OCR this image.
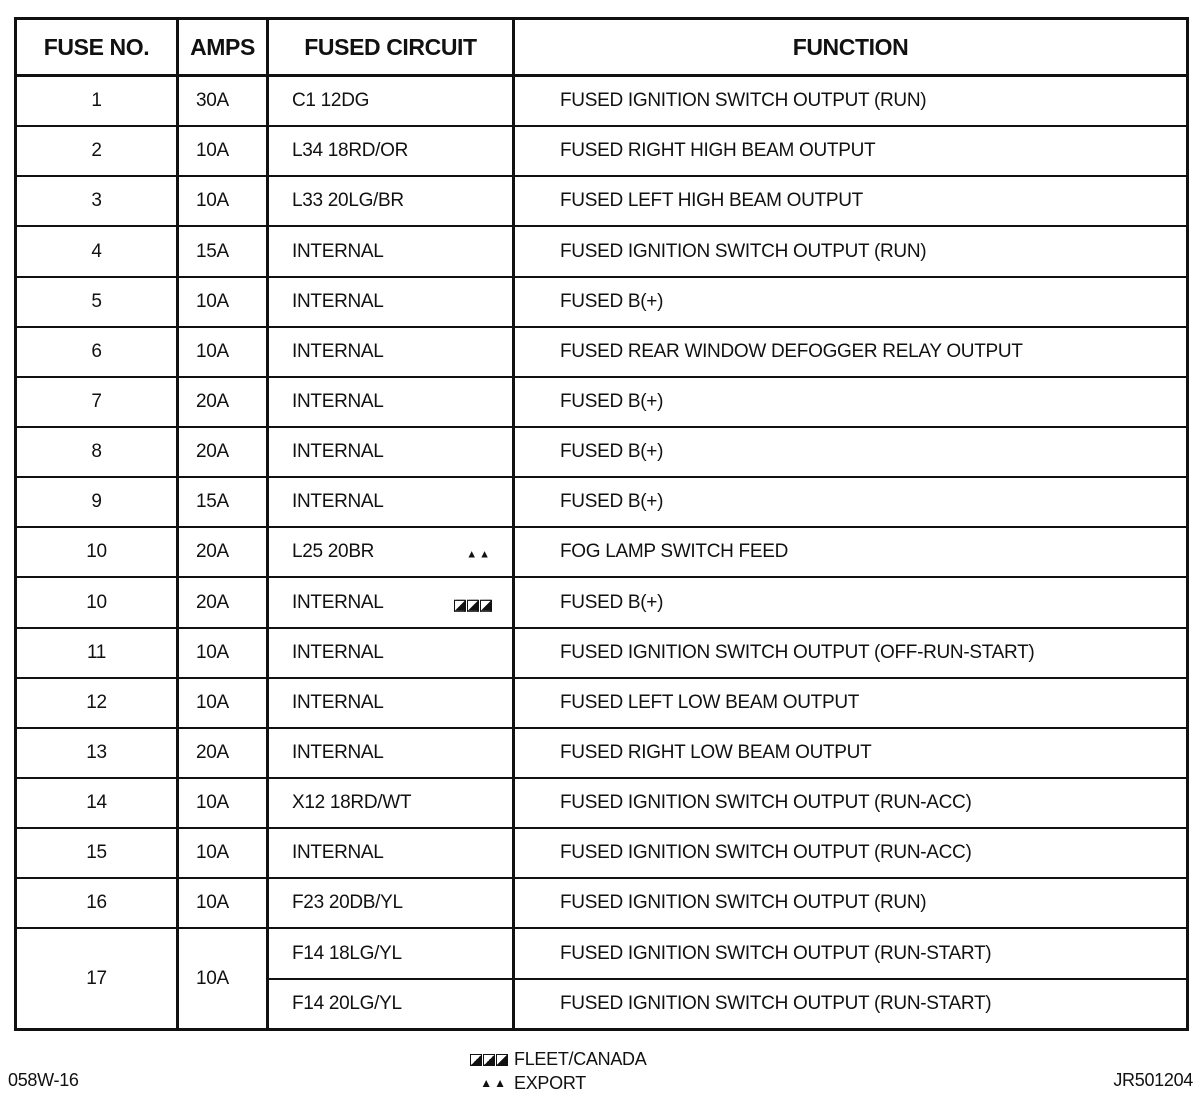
FUSE NO.	AMPS	FUSED CIRCUIT	FUNCTION
1	30A	C1 12DG	FUSED IGNITION SWITCH OUTPUT (RUN)
2	10A	L34 18RD/OR	FUSED RIGHT HIGH BEAM OUTPUT
3	10A	L33 20LG/BR	FUSED LEFT HIGH BEAM OUTPUT
4	15A	INTERNAL	FUSED IGNITION SWITCH OUTPUT (RUN)
5	10A	INTERNAL	FUSED B(+)
6	10A	INTERNAL	FUSED REAR WINDOW DEFOGGER RELAY OUTPUT
7	20A	INTERNAL	FUSED B(+)
8	20A	INTERNAL	FUSED B(+)
9	15A	INTERNAL	FUSED B(+)
10	20A	L25 20BR ▲▲	FOG LAMP SWITCH FEED
10	20A	INTERNAL	FUSED B(+)
11	10A	INTERNAL	FUSED IGNITION SWITCH OUTPUT (OFF-RUN-START)
12	10A	INTERNAL	FUSED LEFT LOW BEAM OUTPUT
13	20A	INTERNAL	FUSED RIGHT LOW BEAM OUTPUT
14	10A	X12 18RD/WT	FUSED IGNITION SWITCH OUTPUT (RUN-ACC)
15	10A	INTERNAL	FUSED IGNITION SWITCH OUTPUT (RUN-ACC)
16	10A	F23 20DB/YL	FUSED IGNITION SWITCH OUTPUT (RUN)
17	10A	F14 18LG/YL	FUSED IGNITION SWITCH OUTPUT (RUN-START)
		F14 20LG/YL	FUSED IGNITION SWITCH OUTPUT (RUN-START)
FLEET/CANADA
▲▲ EXPORT
058W-16	JR501204
